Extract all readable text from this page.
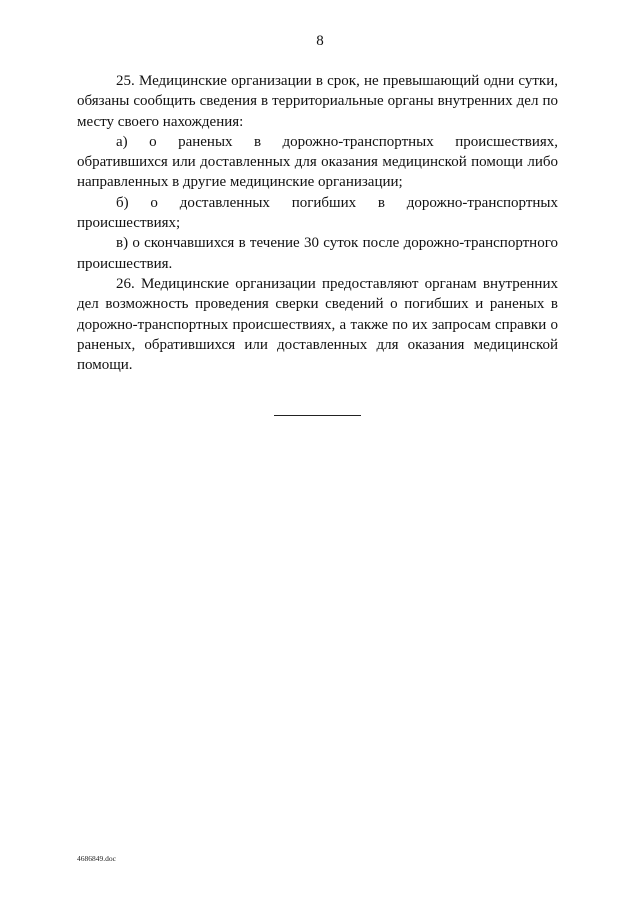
8

25. Медицинские организации в срок, не превышающий одни сутки, обязаны сообщить сведения в территориальные органы внутренних дел по месту своего нахождения:

а) о раненых в дорожно-транспортных происшествиях, обратившихся или доставленных для оказания медицинской помощи либо направленных в другие медицинские организации;

б) о доставленных погибших в дорожно-транспортных происшествиях;

в) о скончавшихся в течение 30 суток после дорожно-транспортного происшествия.

26. Медицинские организации предоставляют органам внутренних дел возможность проведения сверки сведений о погибших и раненых в дорожно-транспортных происшествиях, а также по их запросам справки о раненых, обратившихся или доставленных для оказания медицинской помощи.

4686849.doc
